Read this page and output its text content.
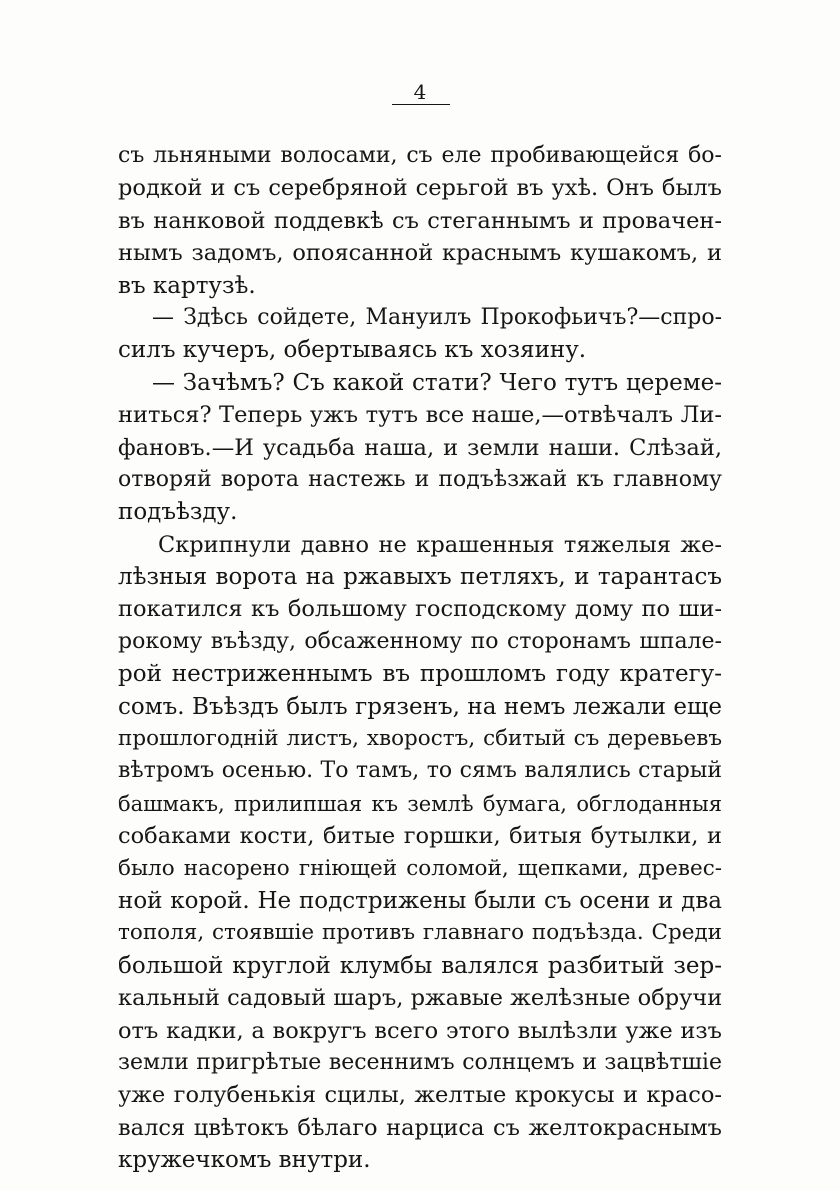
4
съ льняными волосами, съ еле пробивающейся бо-
родкой и съ серебряной серьгой въ ухѣ. Онъ былъ
въ нанковой поддевкѣ съ стеганнымъ и провачен-
нымъ задомъ, опоясанной краснымъ кушакомъ, и
въ картузѣ.
— Здѣсь сойдете, Мануилъ Прокофьичъ?—спро-
силъ кучеръ, обертываясь къ хозяину.
— Зачѣмъ? Съ какой стати? Чего тутъ цереме-
ниться? Теперь ужъ тутъ все наше,—отвѣчалъ Ли-
фановъ.—И усадьба наша, и земли наши. Слѣзай,
отворяй ворота настежь и подъѣзжай къ главному
подъѣзду.
Скрипнули давно не крашенныя тяжелыя же-
лѣзныя ворота на ржавыхъ петляхъ, и тарантасъ
покатился къ большому господскому дому по ши-
рокому въѣзду, обсаженному по сторонамъ шпале-
рой нестриженнымъ въ прошломъ году кратегу-
сомъ. Въѣздъ былъ грязенъ, на немъ лежали еще
прошлогодній листъ, хворостъ, сбитый съ деревьевъ
вѣтромъ осенью. То тамъ, то сямъ валялись старый
башмакъ, прилипшая къ землѣ бумага, обглоданныя
собаками кости, битые горшки, битыя бутылки, и
было насорено гніющей соломой, щепками, древес-
ной корой. Не подстрижены были съ осени и два
тополя, стоявшіе противъ главнаго подъѣзда. Среди
большой круглой клумбы валялся разбитый зер-
кальный садовый шаръ, ржавые желѣзные обручи
отъ кадки, а вокругъ всего этого вылѣзли уже изъ
земли пригрѣтые весеннимъ солнцемъ и зацвѣтшіе
уже голубенькія сцилы, желтые крокусы и красо-
вался цвѣтокъ бѣлаго нарциса съ желтокраснымъ
кружечкомъ внутри.
